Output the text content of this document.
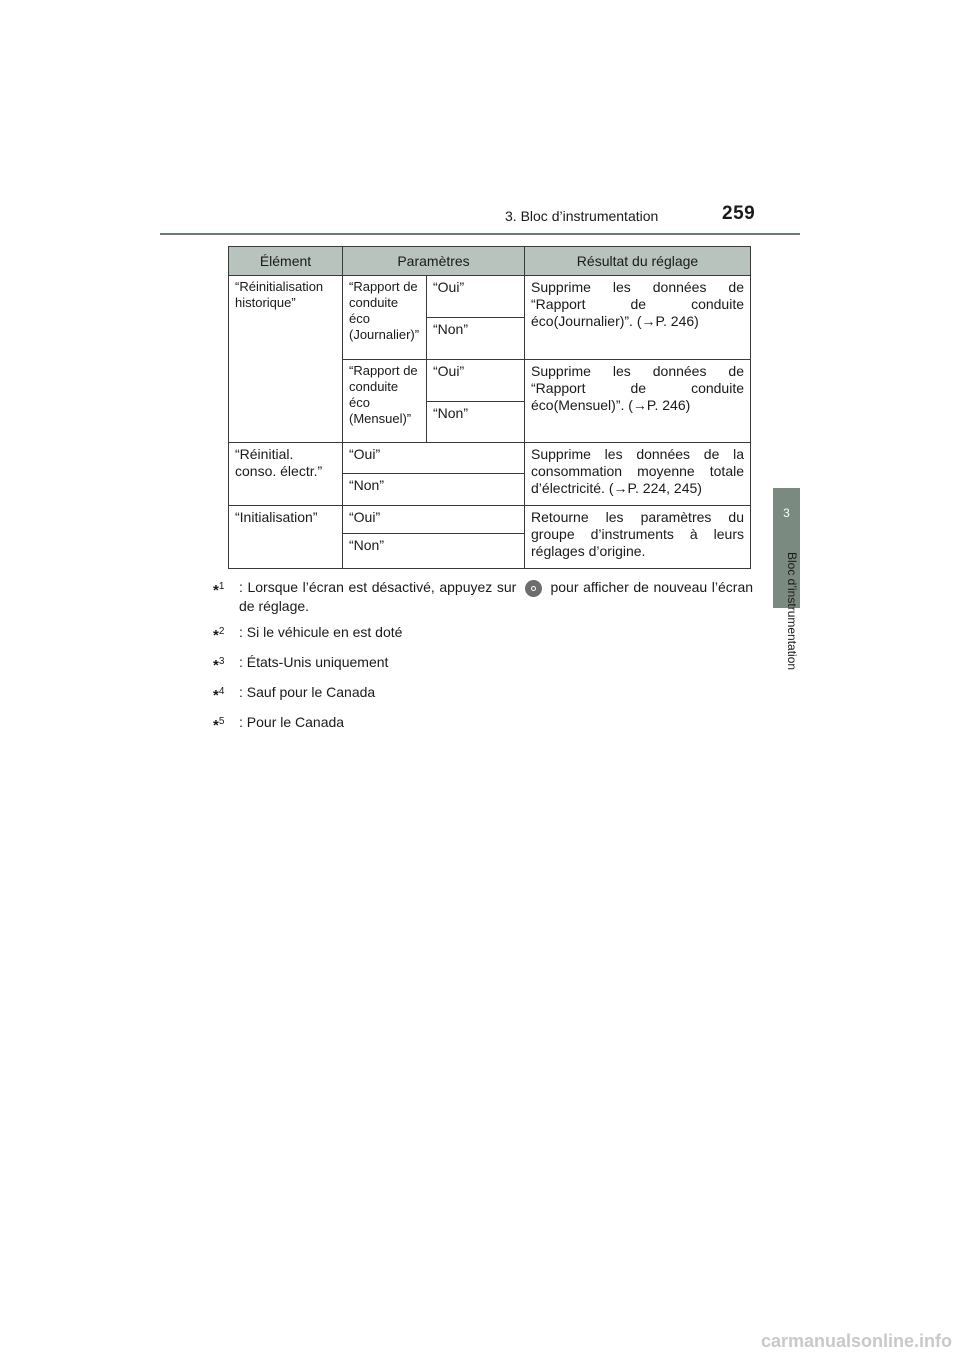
3. Bloc d’instrumentation	259
3
Bloc d’instrumentation
Élément	Paramètres		Résultat du réglage
“Réinitialisation historique”	“Rapport de conduite éco (Journalier)”	“Oui”	Supprime les données de “Rapport de conduite éco(Journalier)”. (→P. 246)
		“Non”	
	“Rapport de conduite éco (Mensuel)”	“Oui”	Supprime les données de “Rapport de conduite éco(Mensuel)”. (→P. 246)
		“Non”	
“Réinitial. conso. électr.”	“Oui”		Supprime les données de la consommation moyenne totale d’électricité. (→P. 224, 245)
	“Non”		
“Initialisation”	“Oui”		Retourne les paramètres du groupe d’instruments à leurs réglages d’origine.
	“Non”		
*$^1$	: Lorsque l’écran est désactivé, appuyez sur pour afficher de nouveau l’écran de réglage.
*$^2$	: Si le véhicule en est doté
*$^3$	: États-Unis uniquement
*$^4$	: Sauf pour le Canada
*$^5$	: Pour le Canada
carmanualsonline.info
